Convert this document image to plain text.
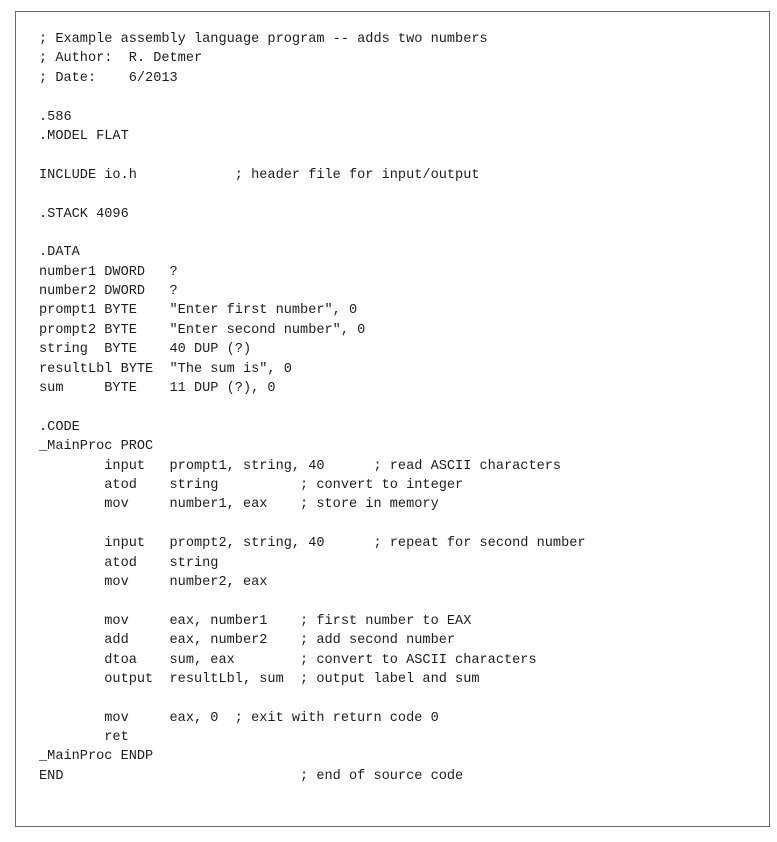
; Example assembly language program -- adds two numbers
; Author:  R. Detmer
; Date:    6/2013
.586
.MODEL FLAT
INCLUDE io.h            ; header file for input/output
.STACK 4096
.DATA
number1 DWORD   ?
number2 DWORD   ?
prompt1 BYTE    "Enter first number", 0
prompt2 BYTE    "Enter second number", 0
string  BYTE    40 DUP (?)
resultLbl BYTE  "The sum is", 0
sum     BYTE    11 DUP (?), 0
.CODE
_MainProc PROC
input   prompt1, string, 40      ; read ASCII characters
atod    string          ; convert to integer
mov     number1, eax    ; store in memory
input   prompt2, string, 40      ; repeat for second number
atod    string
mov     number2, eax
mov     eax, number1    ; first number to EAX
add     eax, number2    ; add second number
dtoa    sum, eax        ; convert to ASCII characters
output  resultLbl, sum  ; output label and sum
mov     eax, 0  ; exit with return code 0
ret
_MainProc ENDP
END                             ; end of source code
